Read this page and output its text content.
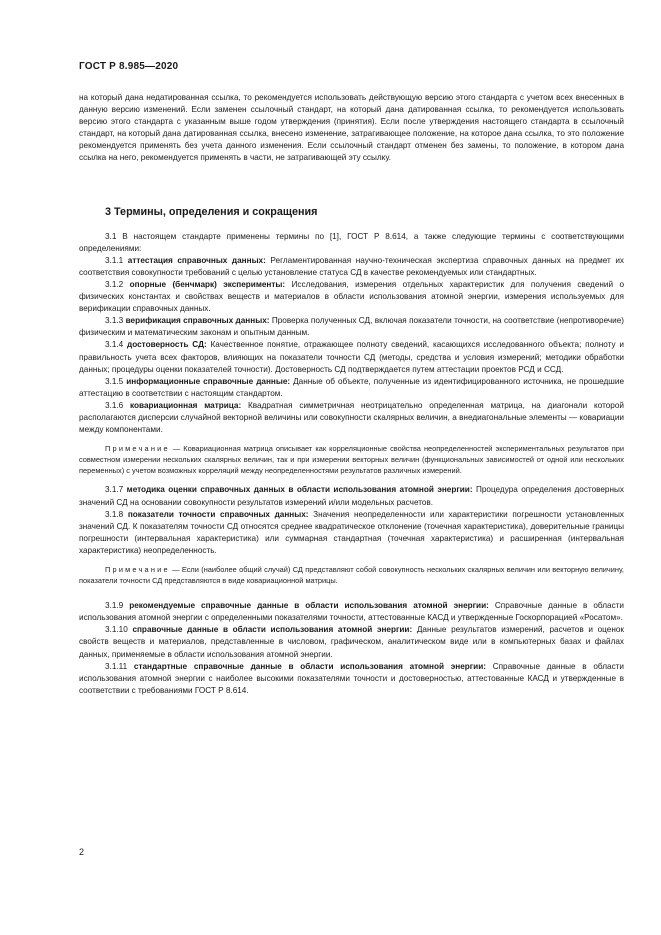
ГОСТ Р 8.985—2020

на который дана недатированная ссылка, то рекомендуется использовать действующую версию этого стандарта с учетом всех внесенных в данную версию изменений. Если заменен ссылочный стандарт, на который дана датированная ссылка, то рекомендуется использовать версию этого стандарта с указанным выше годом утверждения (принятия). Если после утверждения настоящего стандарта в ссылочный стандарт, на который дана датированная ссылка, внесено изменение, затрагивающее положение, на которое дана ссылка, то это положение рекомендуется применять без учета данного изменения. Если ссылочный стандарт отменен без замены, то положение, в котором дана ссылка на него, рекомендуется применять в части, не затрагивающей эту ссылку.

3 Термины, определения и сокращения

3.1 В настоящем стандарте применены термины по [1], ГОСТ Р 8.614, а также следующие термины с соответствующими определениями:

3.1.1 аттестация справочных данных: Регламентированная научно-техническая экспертиза справочных данных на предмет их соответствия совокупности требований с целью установление статуса СД в качестве рекомендуемых или стандартных.

3.1.2 опорные (бенчмарк) эксперименты: Исследования, измерения отдельных характеристик для получения сведений о физических константах и свойствах веществ и материалов в области использования атомной энергии, измерения используемых для верификации справочных данных.

3.1.3 верификация справочных данных: Проверка полученных СД, включая показатели точности, на соответствие (непротиворечие) физическим и математическим законам и опытным данным.

3.1.4 достоверность СД: Качественное понятие, отражающее полноту сведений, касающихся исследованного объекта; полноту и правильность учета всех факторов, влияющих на показатели точности СД (методы, средства и условия измерений; методики обработки данных; процедуры оценки показателей точности). Достоверность СД подтверждается путем аттестации проектов РСД и ССД.

3.1.5 информационные справочные данные: Данные об объекте, полученные из идентифицированного источника, не прошедшие аттестацию в соответствии с настоящим стандартом.

3.1.6 ковариационная матрица: Квадратная симметричная неотрицательно определенная матрица, на диагонали которой располагаются дисперсии случайной векторной величины или совокупности скалярных величин, а внедиагональные элементы — ковариации между компонентами.

Примечание — Ковариационная матрица описывает как корреляционные свойства неопределенностей экспериментальных результатов при совместном измерении нескольких скалярных величин, так и при измерении векторных величин (функциональных зависимостей от одной или нескольких переменных) с учетом возможных корреляций между неопределенностями результатов различных измерений.

3.1.7 методика оценки справочных данных в области использования атомной энергии: Процедура определения достоверных значений СД на основании совокупности результатов измерений и/или модельных расчетов.

3.1.8 показатели точности справочных данных: Значения неопределенности или характеристики погрешности установленных значений СД. К показателям точности СД относятся среднее квадратическое отклонение (точечная характеристика), доверительные границы погрешности (интервальная характеристика) или суммарная стандартная (точечная характеристика) и расширенная (интервальная характеристика) неопределенность.

Примечание — Если (наиболее общий случай) СД представляют собой совокупность нескольких скалярных величин или векторную величину, показатели точности СД представляются в виде ковариационной матрицы.

3.1.9 рекомендуемые справочные данные в области использования атомной энергии: Справочные данные в области использования атомной энергии с определенными показателями точности, аттестованные КАСД и утвержденные Госкорпорацией «Росатом».

3.1.10 справочные данные в области использования атомной энергии: Данные результатов измерений, расчетов и оценок свойств веществ и материалов, представленные в числовом, графическом, аналитическом виде или в компьютерных базах и файлах данных, применяемые в области использования атомной энергии.

3.1.11 стандартные справочные данные в области использования атомной энергии: Справочные данные в области использования атомной энергии с наиболее высокими показателями точности и достоверностью, аттестованные КАСД и утвержденные в соответствии с требованиями ГОСТ Р 8.614.

2
